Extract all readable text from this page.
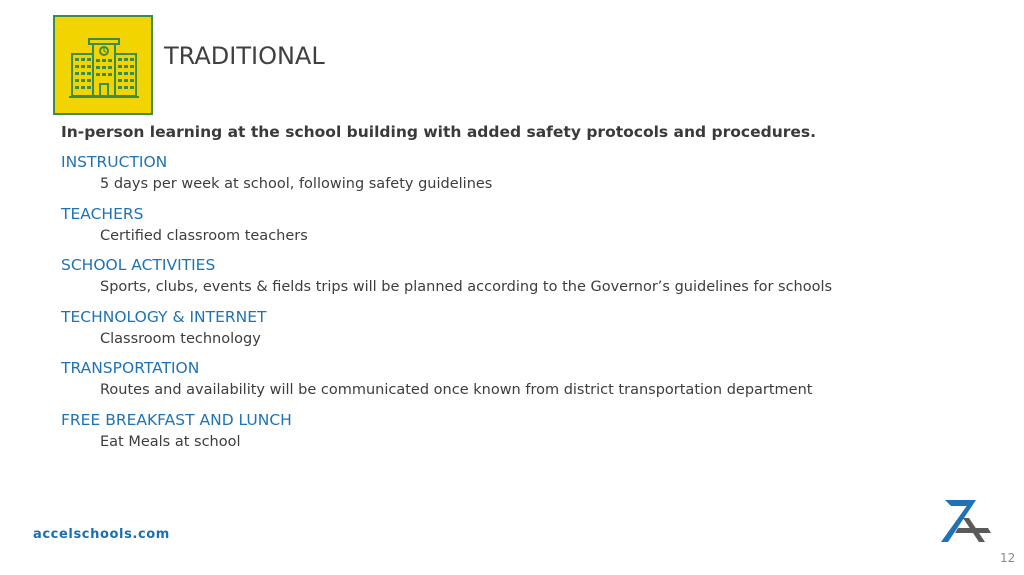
TRADITIONAL
In-person learning at the school building with added safety protocols and procedures.
INSTRUCTION
5 days per week at school, following safety guidelines
TEACHERS
Certified classroom teachers
SCHOOL ACTIVITIES
Sports, clubs, events & fields trips will be planned according to the Governor’s guidelines for schools
TECHNOLOGY & INTERNET
Classroom technology
TRANSPORTATION
Routes and availability will be communicated once known from district transportation department
FREE BREAKFAST AND LUNCH
Eat Meals at school
accelschools.com
12
